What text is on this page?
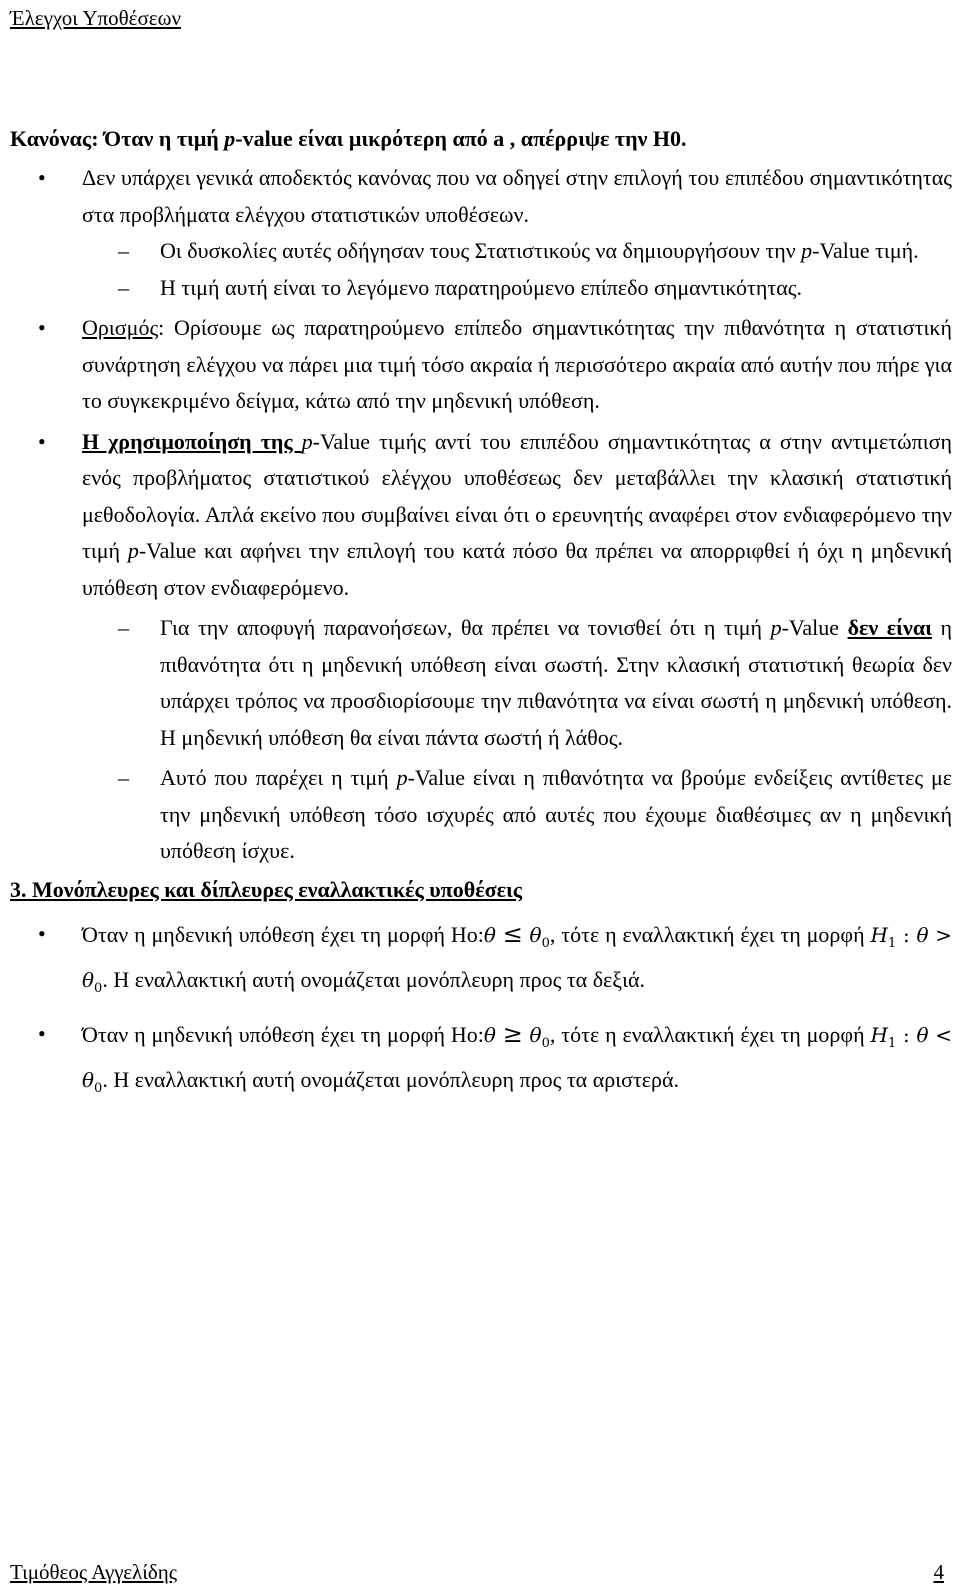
Έλεγχοι Υποθέσεων
Κανόνας: Όταν η τιμή p-value είναι μικρότερη από a , απέρριψε την H0.
• Δεν υπάρχει γενικά αποδεκτός κανόνας που να οδηγεί στην επιλογή του επιπέδου σημαντικότητας στα προβλήματα ελέγχου στατιστικών υποθέσεων.
– Οι δυσκολίες αυτές οδήγησαν τους Στατιστικούς να δημιουργήσουν την p-Value τιμή.
– Η τιμή αυτή είναι το λεγόμενο παρατηρούμενο επίπεδο σημαντικότητας.
• Ορισμός: Ορίσουμε ως παρατηρούμενο επίπεδο σημαντικότητας την πιθανότητα η στατιστική συνάρτηση ελέγχου να πάρει μια τιμή τόσο ακραία ή περισσότερο ακραία από αυτήν που πήρε για το συγκεκριμένο δείγμα, κάτω από την μηδενική υπόθεση.
• Η χρησιμοποίηση της p-Value τιμής αντί του επιπέδου σημαντικότητας α στην αντιμετώπιση ενός προβλήματος στατιστικού ελέγχου υποθέσεως δεν μεταβάλλει την κλασική στατιστική μεθοδολογία. Απλά εκείνο που συμβαίνει είναι ότι ο ερευνητής αναφέρει στον ενδιαφερόμενο την τιμή p-Value και αφήνει την επιλογή του κατά πόσο θα πρέπει να απορριφθεί ή όχι η μηδενική υπόθεση στον ενδιαφερόμενο.
– Για την αποφυγή παρανοήσεων, θα πρέπει να τονισθεί ότι η τιμή p-Value δεν είναι η πιθανότητα ότι η μηδενική υπόθεση είναι σωστή. Στην κλασική στατιστική θεωρία δεν υπάρχει τρόπος να προσδιορίσουμε την πιθανότητα να είναι σωστή η μηδενική υπόθεση. Η μηδενική υπόθεση θα είναι πάντα σωστή ή λάθος.
– Αυτό που παρέχει η τιμή p-Value είναι η πιθανότητα να βρούμε ενδείξεις αντίθετες με την μηδενική υπόθεση τόσο ισχυρές από αυτές που έχουμε διαθέσιμες αν η μηδενική υπόθεση ίσχυε.
3. Μονόπλευρες και δίπλευρες εναλλακτικές υποθέσεις
• Όταν η μηδενική υπόθεση έχει τη μορφή Ho:θ ≤ $\theta_0$, τότε η εναλλακτική έχει τη μορφή $H_1$ : $\theta > \theta_0$. Η εναλλακτική αυτή ονομάζεται μονόπλευρη προς τα δεξιά.
• Όταν η μηδενική υπόθεση έχει τη μορφή Ho:θ ≥ $\theta_0$, τότε η εναλλακτική έχει τη μορφή $H_1$ : $\theta < \theta_0$. Η εναλλακτική αυτή ονομάζεται μονόπλευρη προς τα αριστερά.
Τιμόθεος Αγγελίδης	4
